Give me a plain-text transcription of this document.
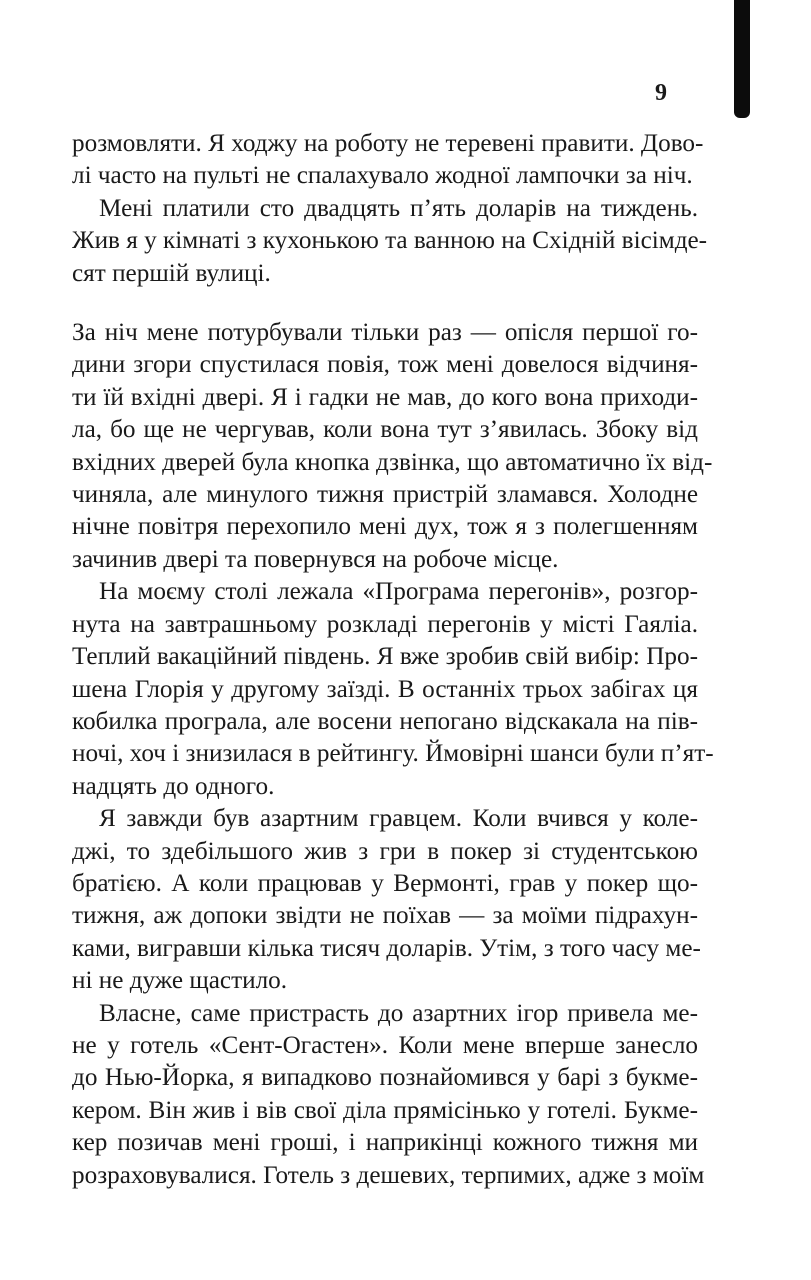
9

розмовляти. Я ходжу на роботу не теревені правити. Дово-
лі часто на пульті не спалахувало жодної лампочки за ніч.

Мені платили сто двадцять п’ять доларів на тиждень.
Жив я у кімнаті з кухонькою та ванною на Східній вісімде-
сят першій вулиці.

За ніч мене потурбували тільки раз — опісля першої го-
дини згори спустилася повія, тож мені довелося відчиня-
ти їй вхідні двері. Я і гадки не мав, до кого вона приходи-
ла, бо ще не чергував, коли вона тут з’явилась. Збоку від
вхідних дверей була кнопка дзвінка, що автоматично їх від-
чиняла, але минулого тижня пристрій зламався. Холодне
нічне повітря перехопило мені дух, тож я з полегшенням
зачинив двері та повернувся на робоче місце.

На моєму столі лежала «Програма перегонів», розгор-
нута на завтрашньому розкладі перегонів у місті Гаяліа.
Теплий вакаційний південь. Я вже зробив свій вибір: Про-
шена Глорія у другому заїзді. В останніх трьох забігах ця
кобилка програла, але восени непогано відскакала на пів-
ночі, хоч і знизилася в рейтингу. Ймовірні шанси були п’ят-
надцять до одного.

Я завжди був азартним гравцем. Коли вчився у коле-
джі, то здебільшого жив з гри в покер зі студентською
братією. А коли працював у Вермонті, грав у покер що-
тижня, аж допоки звідти не поїхав — за моїми підрахун-
ками, вигравши кілька тисяч доларів. Утім, з того часу ме-
ні не дуже щастило.

Власне, саме пристрасть до азартних ігор привела ме-
не у готель «Сент-Огастен». Коли мене вперше занесло
до Нью-Йорка, я випадково познайомився у барі з букме-
кером. Він жив і вів свої діла прямісінько у готелі. Букме-
кер позичав мені гроші, і наприкінці кожного тижня ми
розраховувалися. Готель з дешевих, терпимих, адже з моїм
